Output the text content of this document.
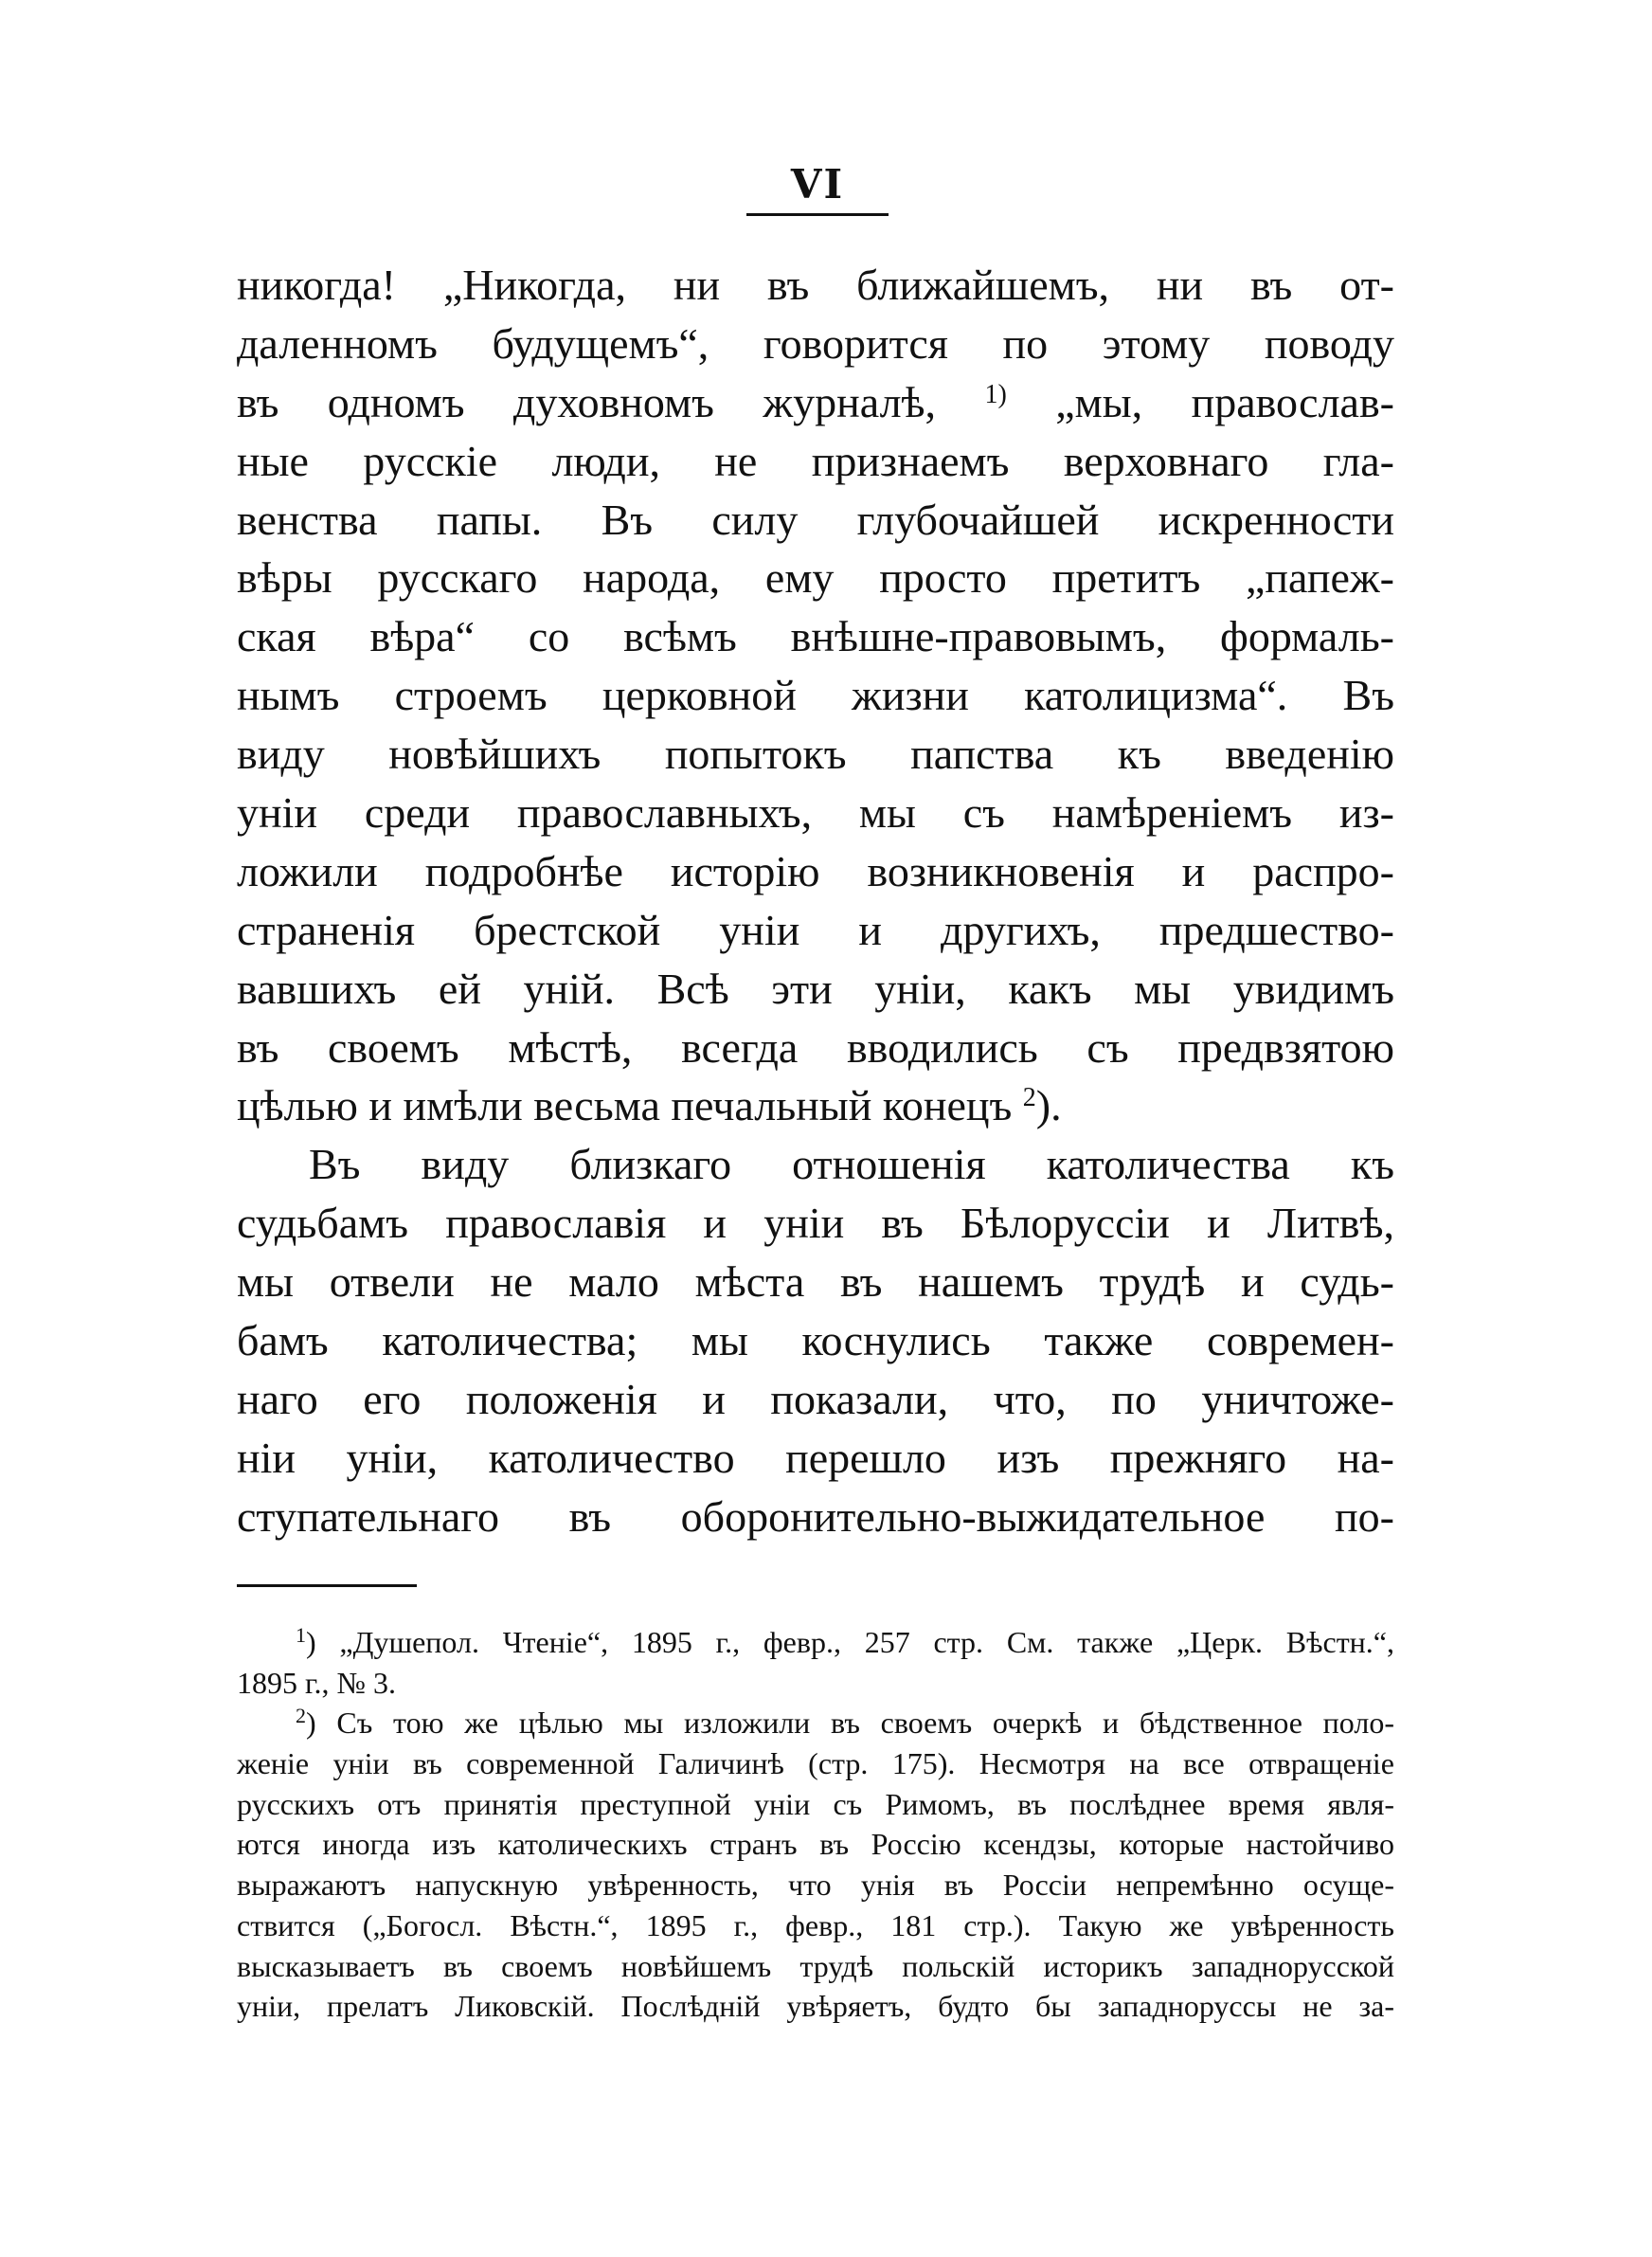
VI
никогда! „Никогда, ни въ ближайшемъ, ни въ от-
даленномъ будущемъ“, говорится по этому поводу
въ одномъ духовномъ журналѣ, $^{1)}$ „мы, православ-
ные русскіе люди, не признаемъ верховнаго гла-
венства папы. Въ силу глубочайшей искренности
вѣры русскаго народа, ему просто претитъ „папеж-
ская вѣра“ со всѣмъ внѣшне-правовымъ, формаль-
нымъ строемъ церковной жизни католицизма“. Въ
виду новѣйшихъ попытокъ папства къ введенію
уніи среди православныхъ, мы съ намѣреніемъ из-
ложили подробнѣе исторію возникновенія и распро-
страненія брестской уніи и другихъ, предшество-
вавшихъ ей уній. Всѣ эти уніи, какъ мы увидимъ
въ своемъ мѣстѣ, всегда вводились съ предвзятою
цѣлью и имѣли весьма печальный конецъ $^2$).
Въ виду близкаго отношенія католичества къ
судьбамъ православія и уніи въ Бѣлоруссіи и Литвѣ,
мы отвели не мало мѣста въ нашемъ трудѣ и судь-
бамъ католичества; мы коснулись также современ-
наго его положенія и показали, что, по уничтоже-
ніи уніи, католичество перешло изъ прежняго на-
ступательнаго въ оборонительно-выжидательное по-
$^1$) „Душепол. Чтеніе“, 1895 г., февр., 257 стр. См. также „Церк. Вѣстн.“,
1895 г., № 3.
$^2$) Съ тою же цѣлью мы изложили въ своемъ очеркѣ и бѣдственное поло-
женіе уніи въ современной Галичинѣ (стр. 175). Несмотря на все отвращеніе
русскихъ отъ принятія преступной уніи съ Римомъ, въ послѣднее время явля-
ются иногда изъ католическихъ странъ въ Россію ксендзы, которые настойчиво
выражаютъ напускную увѣренность, что унія въ Россіи непремѣнно осуще-
ствится („Богосл. Вѣстн.“, 1895 г., февр., 181 стр.). Такую же увѣренность
высказываетъ въ своемъ новѣйшемъ трудѣ польскій историкъ западнорусской
уніи, прелатъ Ликовскій. Послѣдній увѣряетъ, будто бы западноруссы не за-
